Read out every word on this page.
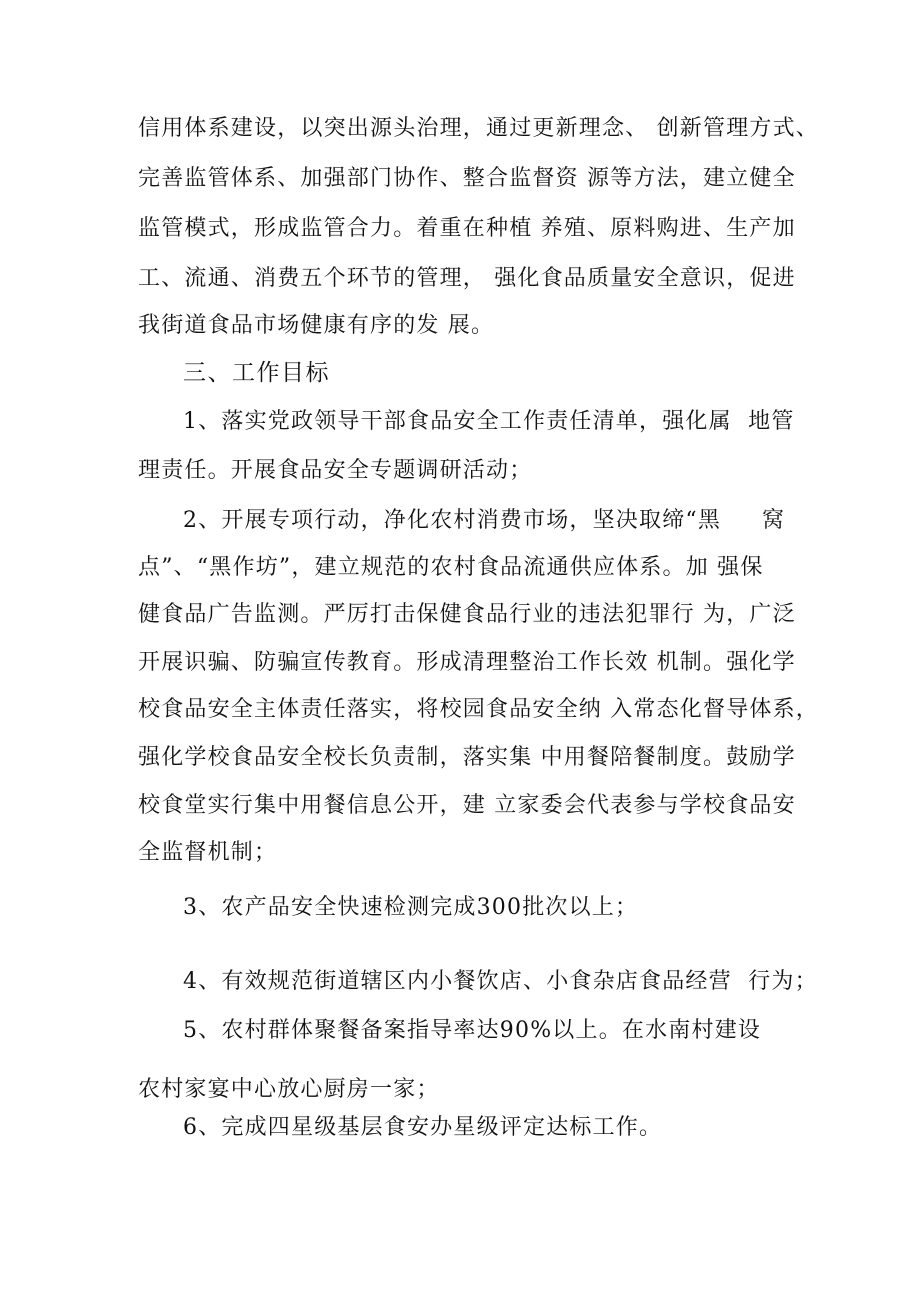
信用体系建设，以突出源头治理，通过更新理念、 创新管理方式、
完善监管体系、加强部门协作、整合监督资 源等方法，建立健全
监管模式，形成监管合力。着重在种植 养殖、原料购进、生产加
工、流通、消费五个环节的管理， 强化食品质量安全意识，促进
我街道食品市场健康有序的发 展。
三、工作目标
1、落实党政领导干部食品安全工作责任清单，强化属  地管
理责任。开展食品安全专题调研活动；
2、开展专项行动，净化农村消费市场，坚决取缔“黑     窝
点”、“黑作坊”，建立规范的农村食品流通供应体系。加 强保
健食品广告监测。严厉打击保健食品行业的违法犯罪行 为，广泛
开展识骗、防骗宣传教育。形成清理整治工作长效 机制。强化学
校食品安全主体责任落实，将校园食品安全纳 入常态化督导体系，
强化学校食品安全校长负责制，落实集 中用餐陪餐制度。鼓励学
校食堂实行集中用餐信息公开，建 立家委会代表参与学校食品安
全监督机制；
3、农产品安全快速检测完成300批次以上；
4、有效规范街道辖区内小餐饮店、小食杂店食品经营  行为；
5、农村群体聚餐备案指导率达90%以上。在水南村建设
农村家宴中心放心厨房一家；
6、完成四星级基层食安办星级评定达标工作。
